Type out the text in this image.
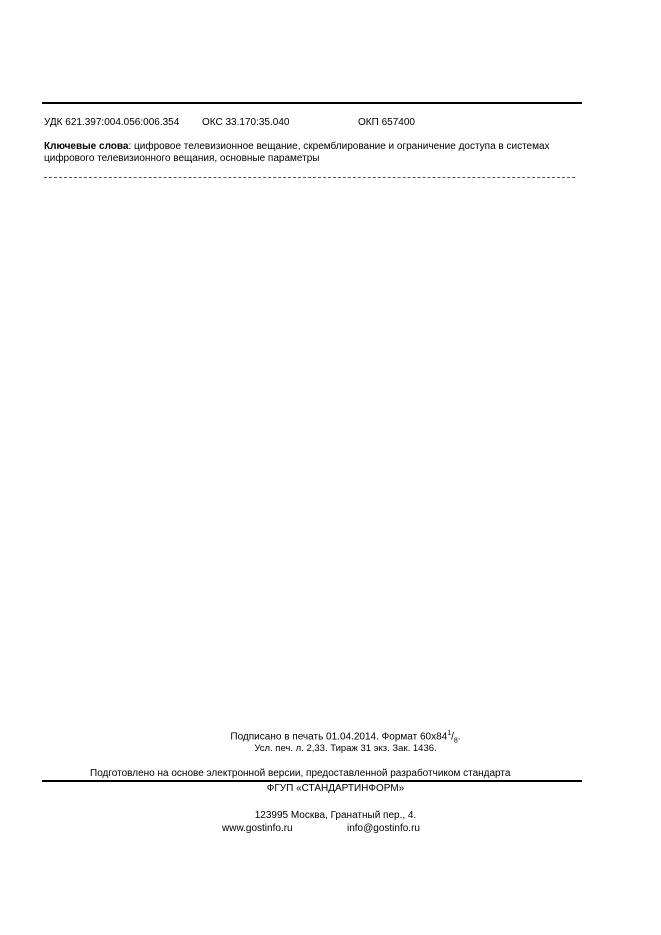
УДК 621.397:004.056:006.354 ОКС 33.170:35.040	ОКП 657400
Ключевые слова: цифровое телевизионное вещание, скремблирование и ограничение доступа в системах цифрового телевизионного вещания, основные параметры
Подписано в печать 01.04.2014. Формат $60х84^1/_8$.
Усл. печ. л. 2,33. Тираж 31 экз. Зак. 1436.
Подготовлено на основе электронной версии, предоставленной разработчиком стандарта
ФГУП «СТАНДАРТИНФОРМ»
123995 Москва, Гранатный пер., 4.
www.gostinfo.ru	info@gostinfo.ru
